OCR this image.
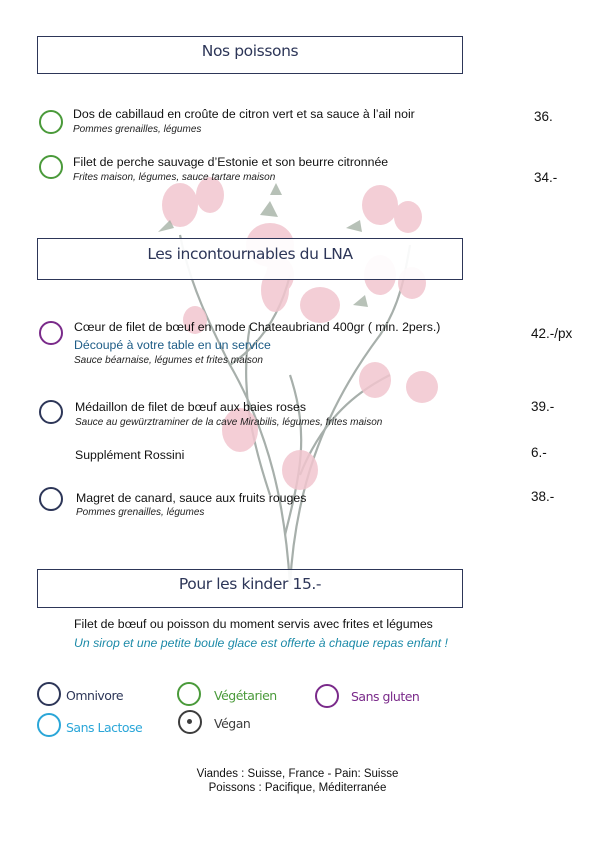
Nos poissons
Dos de cabillaud en croûte de citron vert et sa sauce à l’ail noir
Pommes grenailles, légumes
36.
Filet de perche sauvage d’Estonie et son beurre citronnée
Frites maison, légumes, sauce tartare maison	34.-
Les incontournables du LNA
Cœur de filet de bœuf en mode Chateaubriand 400gr ( min. 2pers.)
Découpé à votre table en un service
Sauce béarnaise, légumes et frites maison
42.-/px
Médaillon de filet de bœuf aux baies roses
Sauce au gewürztraminer de la cave Mirabilis, légumes, frites maison
39.-
Supplément Rossini	6.-
Magret de canard, sauce aux fruits rouges
Pommes grenailles, légumes
38.-
Pour les kinder 15.-
Filet de bœuf ou poisson du moment servis avec frites et légumes
Un sirop et une petite boule glace est offerte à chaque repas enfant !
Omnivore	Végétarien	Sans gluten
Sans Lactose	Végan
Viandes : Suisse, France - Pain: Suisse
Poissons : Pacifique, Méditerranée
